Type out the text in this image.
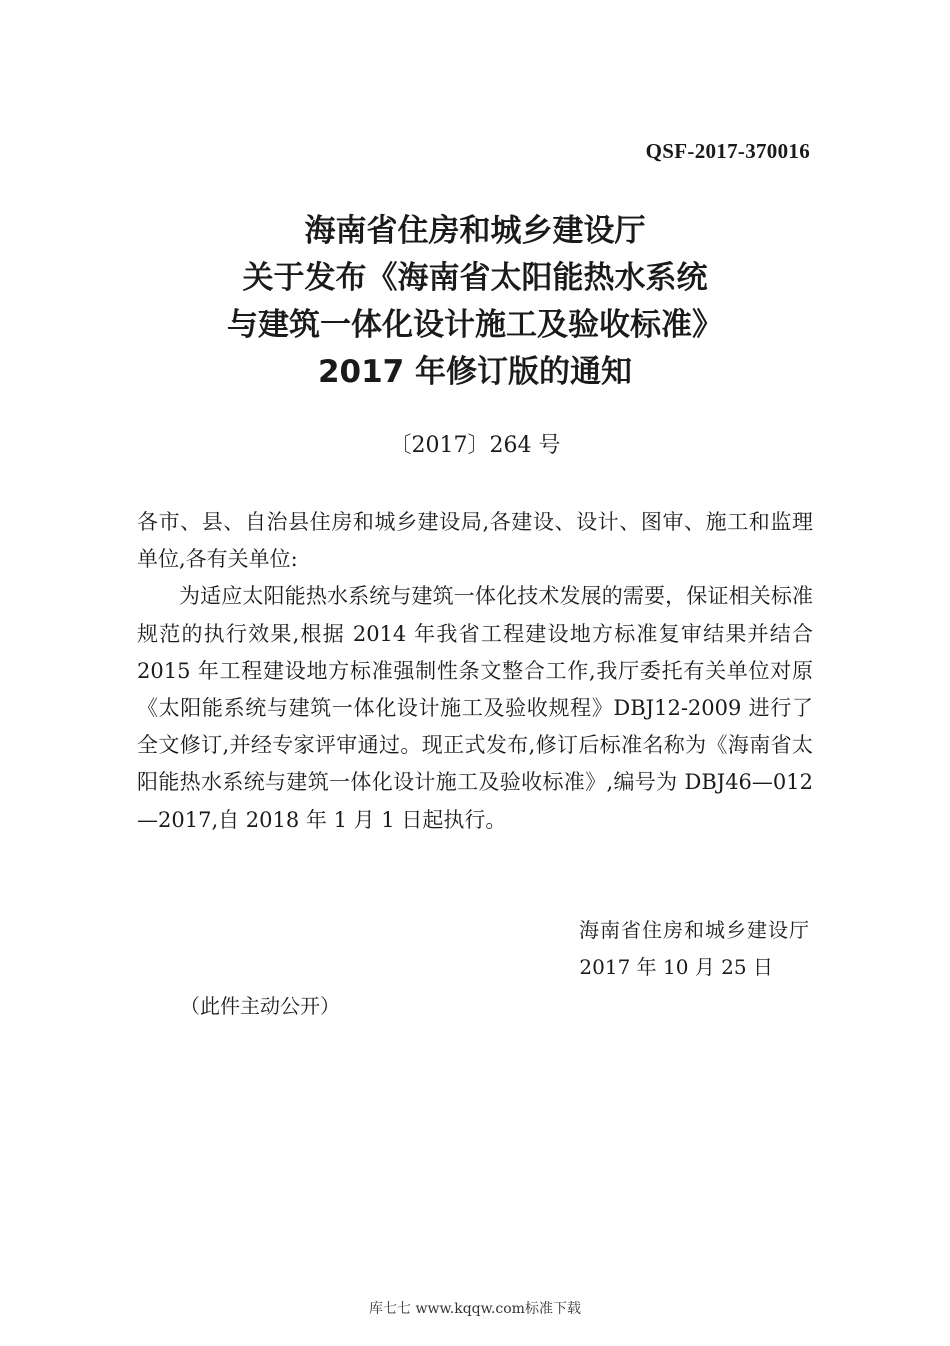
QSF-2017-370016
海南省住房和城乡建设厅
关于发布《海南省太阳能热水系统
与建筑一体化设计施工及验收标准》
2017 年修订版的通知
〔2017〕264 号

各市、县、自治县住房和城乡建设局,各建设、设计、图审、施工和监理单位,各有关单位:

为适应太阳能热水系统与建筑一体化技术发展的需要，保证相关标准规范的执行效果,根据 2014 年我省工程建设地方标准复审结果并结合 2015 年工程建设地方标准强制性条文整合工作,我厅委托有关单位对原《太阳能系统与建筑一体化设计施工及验收规程》DBJ12-2009 进行了全文修订,并经专家评审通过。现正式发布,修订后标准名称为《海南省太阳能热水系统与建筑一体化设计施工及验收标准》,编号为 DBJ46—012—2017,自 2018 年 1 月 1 日起执行。

海南省住房和城乡建设厅
2017 年 10 月 25 日
（此件主动公开）
库七七 www.kqqw.com标准下载
